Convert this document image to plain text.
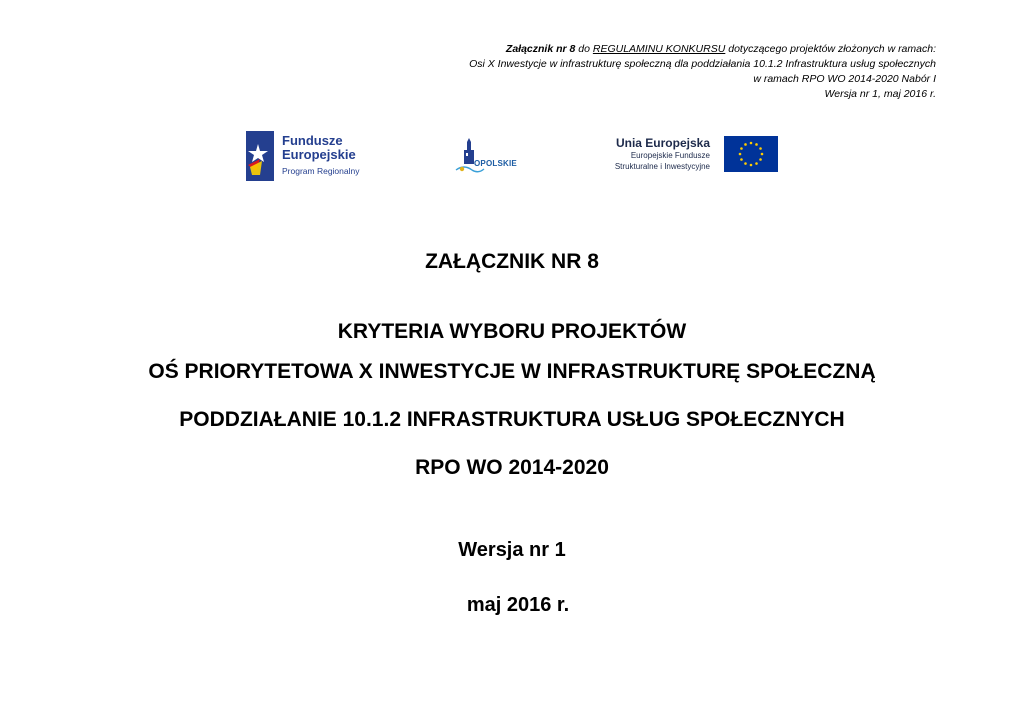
Załącznik nr 8 do REGULAMINU KONKURSU dotyczącego projektów złożonych w ramach:
Osi X Inwestycje w infrastrukturę społeczną dla poddziałania 10.1.2 Infrastruktura usług społecznych
w ramach RPO WO 2014-2020 Nabór I
Wersja nr 1, maj 2016 r.
Fundusze
Europejskie
Program Regionalny
OPOLSKIE
Unia Europejska
Europejskie Fundusze
Strukturalne i Inwestycyjne
ZAŁĄCZNIK NR 8
KRYTERIA WYBORU PROJEKTÓW
OŚ PRIORYTETOWA X INWESTYCJE W INFRASTRUKTURĘ SPOŁECZNĄ
PODDZIAŁANIE 10.1.2 INFRASTRUKTURA USŁUG SPOŁECZNYCH
RPO WO 2014-2020
Wersja nr 1
maj 2016 r.
